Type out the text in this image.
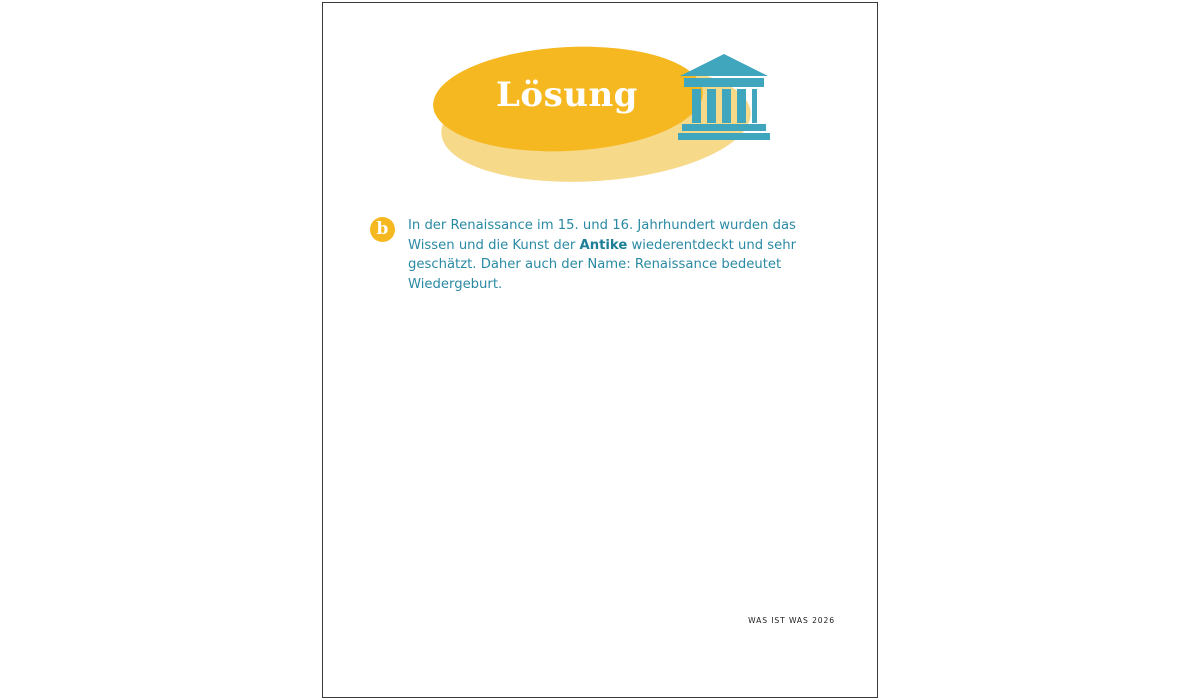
Lösung
b	In der Renaissance im 15. und 16. Jahrhundert wurden das Wissen und die Kunst der Antike wiederentdeckt und sehr geschätzt. Daher auch der Name: Renaissance bedeutet Wiedergeburt.
WAS IST WAS 2026
